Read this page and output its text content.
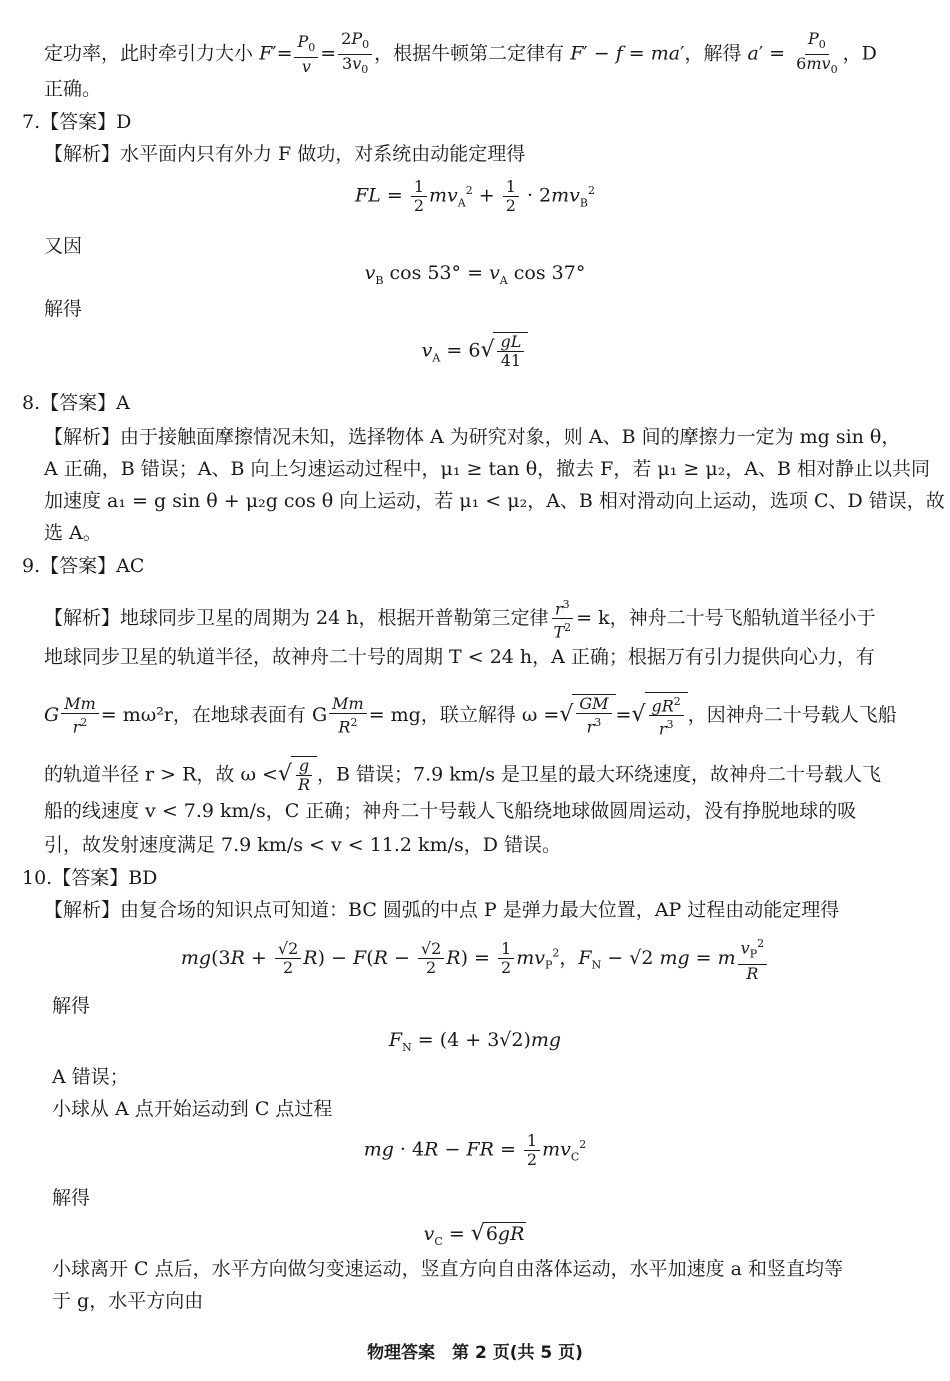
定功率，此时牵引力大小 $F'= \frac{P_0}{v} = \frac{2P_0}{3v_0}$ ，根据牛顿第二定律有 F′ − f = ma′，解得 $a' = \frac{P_0}{6mv_0}$ ，D
正确。
7.【答案】D
【解析】水平面内只有外力 F 做功，对系统由动能定理得
FL = $\frac{1}{2} mv_A^2 + \frac{1}{2} \cdot 2mv_B^2$
又因
$v_B$ $\cos 53^\circ = v_A$ cos 37°
解得
$v_A = 6√ \frac{gL}{41}$
8.【答案】A
【解析】由于接触面摩擦情况未知，选择物体 A 为研究对象，则 A、B 间的摩擦力一定为 mg sin θ，
A 正确，B 错误；A、B 向上匀速运动过程中，μ₁ ≥ tan θ，撤去 F，若 μ₁ ≥ μ₂，A、B 相对静止以共同
加速度 a₁ = g sin θ + μ₂g cos θ 向上运动，若 μ₁ < μ₂，A、B 相对滑动向上运动，选项 C、D 错误，故
选 A。
9.【答案】AC
【解析】地球同步卫星的周期为 24 h，根据开普勒第三定律 $\frac{r^3}{T^2} = k$，神舟二十号飞船轨道半径小于
地球同步卫星的轨道半径，故神舟二十号的周期 T < 24 h，A 正确；根据万有引力提供向心力，有
G $\frac{Mm}{r^2} = m\omega^2r$，在地球表面有 G $\frac{Mm}{R^2}$ = mg，联立解得 ω =√ $\frac{GM}{r^3}$ =√ $\frac{gR^2}{r^3}$ ，因神舟二十号载人飞船
的轨道半径 r > R，故 ω <√ $\frac{g}{R}$ ，B 错误；7.9 km/s 是卫星的最大环绕速度，故神舟二十号载人飞
船的线速度 v < 7.9 km/s，C 正确；神舟二十号载人飞船绕地球做圆周运动，没有挣脱地球的吸
引，故发射速度满足 7.9 km/s < v < 11.2 km/s，D 错误。
10.【答案】BD
【解析】由复合场的知识点可知道：BC 圆弧的中点 P 是弹力最大位置，AP 过程由动能定理得
$mg(3R + \frac{√2}{2} R) - F(R - \frac{√2}{2} R) = \frac{1}{2} mv_P^2$，$F_N - √2$ mg = m $\frac{v_P^2}{R}$
解得
$F_N = (4 + 3√2)mg$
A 错误；
小球从 A 点开始运动到 C 点过程
mg · 4R − FR = $\frac{1}{2} mv_C^2$
解得
$v_C = √6gR$
小球离开 C 点后，水平方向做匀变速运动，竖直方向自由落体运动，水平加速度 a 和竖直均等
于 g，水平方向由
物理答案　第 2 页(共 5 页)
